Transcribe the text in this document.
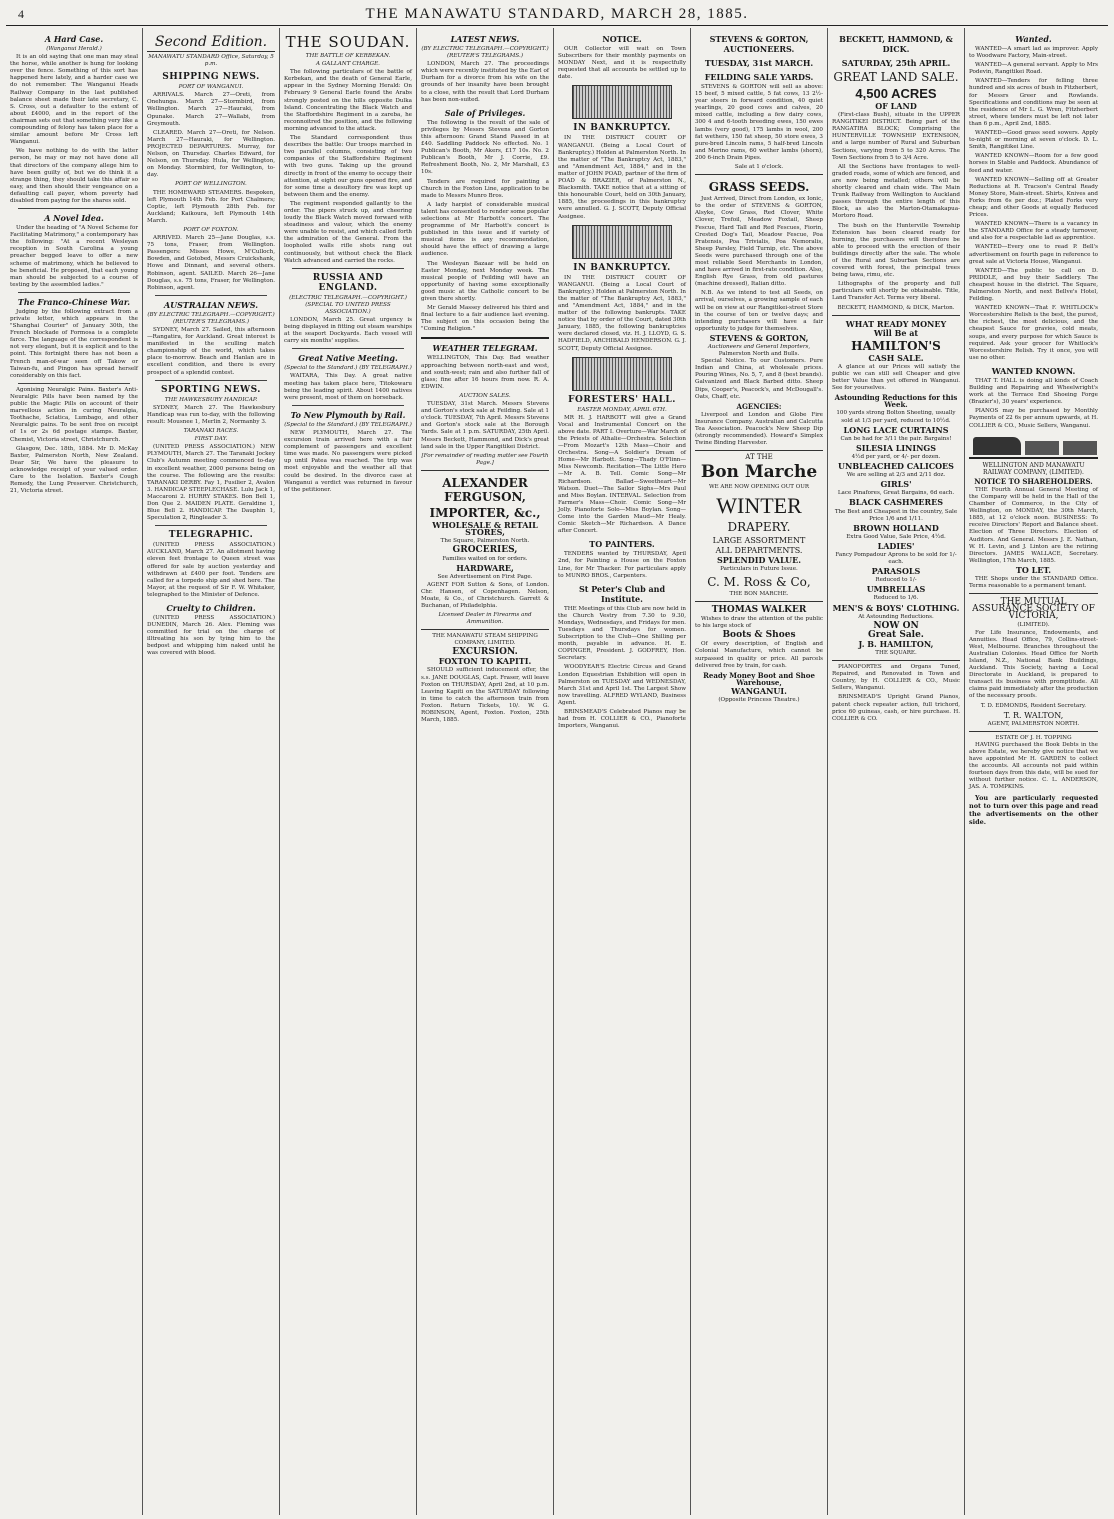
4	THE MANAWATU STANDARD, MARCH 28, 1885.
A Hard Case.
(Wanganui Herald.)

It is an old saying that one man may steal the horse, while another is hung for looking over the fence. Something of this sort has happened here lately, and a harder case we do not remember. The Wanganui Heads Railway Company in the last published balance sheet made their late secretary, C. S. Cross, out a defaulter to the extent of about £4000, and in the report of the chairman sets out that something very like a compounding of felony has taken place for a similar amount before Mr Cross left Wanganui.

We have nothing to do with the latter person, he may or may not have done all that directors of the company allege him to have been guilty of, but we do think it a strange thing, they should take this affair so easy, and then should their vengeance on a defaulting call payer, whom poverty had disabled from paying for the shares sold.

A Novel Idea.

Under the heading of "A Novel Scheme for Facilitating Matrimony," a contemporary has the following: "At a recent Wesleyan reception in South Carolina a young preacher begged leave to offer a new scheme of matrimony, which he believed to be beneficial. He proposed, that each young man should be subjected to a course of testing by the assembled ladies."

The Franco-Chinese War.

Judging by the following extract from a private letter, which appears in the "Shanghai Courier" of January 30th, the French blockade of Formosa is a complete farce. The language of the correspondent is not very elegant, but it is explicit and to the point. This fortnight there has not been a French man-of-war seen off Takow or Taiwan-fu, and Pingon has spread herself considerably on this fact.

Agonising Neuralgic Pains. Baxter's Anti-Neuralgic Pills have been named by the public the Magic Pills on account of their marvellous action in curing Neuralgia, Toothache, Sciatica, Lumbago, and other Neuralgic pains. To be sent free on receipt of 1s or 2s 6d postage stamps. Baxter, Chemist, Victoria street, Christchurch.

Glasgow, Dec. 18th, 1884. Mr D. McKay Baxter, Palmerston North, New Zealand. Dear Sir, We have the pleasure to acknowledge receipt of your valued order. Care to the Isolation. Baxter's Cough Remedy, the Lung Preserver. Christchurch, 21, Victoria street.

Second Edition.
MANAWATU STANDARD Office, Saturday, 5 p.m.
SHIPPING NEWS.
PORT OF WANGANUI.

ARRIVALS. March 27—Oreti, from Onehunga. March 27—Stormbird, from Wellington. March 27—Hauraki, from Opunake. March 27—Wallabi, from Greymouth.

CLEARED. March 27—Oreti, for Nelson. March 27—Hauraki, for Wellington. PROJECTED DEPARTURES. Murray, for Nelson, on Thursday. Charles Edward, for Nelson, on Thursday. Hula, for Wellington, on Monday. Stormbird, for Wellington, to-day.

PORT OF WELLINGTON.

THE HOMEWARD STEAMERS. Bespoken, left Plymouth 14th Feb. for Port Chalmers; Coptic, left Plymouth 28th Feb. for Auckland; Kaikoura, left Plymouth 14th March.

PORT OF FOXTON.

ARRIVED. March 25—Jane Douglas, s.s. 75 tons, Fraser, from Wellington. Passengers: Misses Howe, M'Culloch, Bowden, and Gotobed, Messrs Cruickshank, Howe and Dinnant, and several others. Robinson, agent. SAILED. March 26—Jane Douglas, s.s. 75 tons, Fraser, for Wellington. Robinson, agent.

AUSTRALIAN NEWS.
(BY ELECTRIC TELEGRAPH.—COPYRIGHT.) (REUTER'S TELEGRAMS.)

SYDNEY, March 27. Sailed, this afternoon—Rangatira, for Auckland. Great interest is manifested in the sculling match championship of the world, which takes place to-morrow. Beach and Hanlan are in excellent condition, and there is every prospect of a splendid contest.

SPORTING NEWS.
THE HAWKESBURY HANDICAP.

SYDNEY, March 27. The Hawkesbury Handicap was run to-day, with the following result: Mousnee 1, Merlin 2, Normanby 3.

TARANAKI RACES.
FIRST DAY.

(UNITED PRESS ASSOCIATION.) NEW PLYMOUTH, March 27. The Taranaki Jockey Club's Autumn meeting commenced to-day in excellent weather, 2000 persons being on the course. The following are the results: TARANAKI DERBY. Fay 1, Fusilier 2, Avalon 3. HANDICAP STEEPLECHASE. Lulu Jack 1, Maccaroni 2. HURRY STAKES. Bon Bell 1, Don Que 2. MAIDEN PLATE. Geraldine 1, Blue Bell 2. HANDICAP. The Dauphin 1, Speculation 2, Ringleader 3.

TELEGRAPHIC.

(UNITED PRESS ASSOCIATION.) AUCKLAND, March 27. An allotment having eleven feet frontage to Queen street was offered for sale by auction yesterday and withdrawn at £400 per foot. Tenders are called for a torpedo ship and shed here. The Mayor, at the request of Sir F. W. Whitaker, telegraphed to the Minister of Defence.

Cruelty to Children.

(UNITED PRESS ASSOCIATION.) DUNEDIN, March 26. Alex. Fleming was committed for trial on the charge of illtreating his son by tying him to the bedpost and whipping him naked until he was covered with blood.

THE SOUDAN.
THE BATTLE OF KERBEKAN.
A GALLANT CHARGE.

The following particulars of the battle of Kerbekan, and the death of General Earle, appear in the Sydney Morning Herald: On February 9 General Earle found the Arabs strongly posted on the hills opposite Dulka Island. Concentrating the Black Watch and the Staffordshire Regiment in a zareba, he reconnoitred the position, and the following morning advanced to the attack.

The Standard correspondent thus describes the battle: Our troops marched in two parallel columns, consisting of two companies of the Staffordshire Regiment with two guns. Taking up the ground directly in front of the enemy to occupy their attention, at eight our guns opened fire, and for some time a desultory fire was kept up between them and the enemy.

The regiment responded gallantly to the order. The pipers struck up, and cheering loudly the Black Watch moved forward with steadiness and valour, which the enemy were unable to resist, and which called forth the admiration of the General. From the loopholed walls rifle shots rang out continuously, but without check the Black Watch advanced and carried the rocks.

RUSSIA AND ENGLAND.
(ELECTRIC TELEGRAPH.—COPYRIGHT.) (SPECIAL TO UNITED PRESS ASSOCIATION.)

LONDON, March 25. Great urgency is being displayed in fitting out steam warships at the seaport Dockyards. Each vessel will carry six months' supplies.

Great Native Meeting.
(Special to the Standard.) (BY TELEGRAPH.)

WAITARA, This Day. A great native meeting has taken place here, Titokowaru being the leading spirit. About 1400 natives were present, most of them on horseback.

To New Plymouth by Rail.
(Special to the Standard.) (BY TELEGRAPH.)

NEW PLYMOUTH, March 27. The excursion train arrived here with a fair complement of passengers and excellent time was made. No passengers were picked up until Patea was reached. The trip was most enjoyable and the weather all that could be desired. In the divorce case at Wanganui a verdict was returned in favour of the petitioner.

LATEST NEWS.
(BY ELECTRIC TELEGRAPH.—COPYRIGHT.) (REUTER'S TELEGRAMS.)

LONDON, March 27. The proceedings which were recently instituted by the Earl of Durham for a divorce from his wife on the grounds of her insanity have been brought to a close, with the result that Lord Durham has been non-suited.

Sale of Privileges.

The following is the result of the sale of privileges by Messrs Stevens and Gorton this afternoon: Grand Stand Passed in at £40. Saddling Paddock No effected. No. 1 Publican's Booth, Mr Akers, £17 10s. No. 2 Publican's Booth, Mr J. Corrie, £9. Refreshment Booth, No. 2, Mr Marshall, £3 10s.

Tenders are required for painting a Church in the Foxton Line, application to be made to Messrs Munro Bros.

A lady harpist of considerable musical talent has consented to render some popular selections at Mr Harbott's concert. The programme of Mr Harbott's concert is published in this issue and if variety of musical items is any recommendation, should have the effect of drawing a large audience.

The Wesleyan Bazaar will be held on Easter Monday, next Monday week. The musical people of Feilding will have an opportunity of having some exceptionally good music at the Catholic concert to be given there shortly.

Mr Gerald Massey delivered his third and final lecture to a fair audience last evening. The subject on this occasion being the "Coming Religion."

WEATHER TELEGRAM.

WELLINGTON, This Day. Bad weather approaching between north-east and west, and south-west; rain and also further fall of glass; fine after 16 hours from now. R. A. EDWIN.

AUCTION SALES.

TUESDAY, 31st March. Messrs Stevens and Gorton's stock sale at Feilding. Sale at 1 o'clock. TUESDAY, 7th April. Messrs Stevens and Gorton's stock sale at the Borough Yards. Sale at 1 p.m. SATURDAY, 25th April. Messrs Beckett, Hammond, and Dick's great land sale in the Upper Rangitikei District.

[For remainder of reading matter see Fourth Page.]
ALEXANDER FERGUSON,
IMPORTER, &c.,
WHOLESALE & RETAIL STORES,
The Square, Palmerston North.
GROCERIES,
Families waited on for orders.
HARDWARE,
See Advertisement on First Page.

AGENT FOR Sutton & Sons, of London. Chr. Hansen, of Copenhagen. Nelson, Moate, & Co., of Christchurch. Garrett & Buchanan, of Philadelphia.

Licensed Dealer in Firearms and Ammunition.
THE MANAWATU STEAM SHIPPING COMPANY, LIMITED.
EXCURSION.
FOXTON TO KAPITI.

SHOULD sufficient inducement offer, the s.s. JANE DOUGLAS, Capt. Fraser, will leave Foxton on THURSDAY, April 2nd, at 10 p.m. Leaving Kapiti on the SATURDAY following in time to catch the afternoon train from Foxton. Return Tickets, 10/. W. G. ROBINSON, Agent, Foxton. Foxton, 25th March, 1885.

NOTICE.

OUR Collector will wait on Town Subscribers for their monthly payments on MONDAY Next, and it is respectfully requested that all accounts be settled up to date.

IN BANKRUPTCY.

IN THE DISTRICT COURT OF WANGANUI. (Being a Local Court of Bankruptcy.) Holden at Palmerston North. In the matter of "The Bankruptcy Act, 1883," and "Amendment Act, 1884," and in the matter of JOHN POAD, partner of the firm of POAD & BRAZIER, of Palmerston N., Blacksmith. TAKE notice that at a sitting of this honourable Court, held on 30th January, 1885, the proceedings in this bankruptcy were annulled. G. J. SCOTT, Deputy Official Assignee.

IN BANKRUPTCY.

IN THE DISTRICT COURT OF WANGANUI. (Being a Local Court of Bankruptcy.) Holden at Palmerston North. In the matter of "The Bankruptcy Act, 1883," and "Amendment Act, 1884," and in the matter of the following bankrupts. TAKE notice that by order of the Court, dated 30th January, 1885, the following bankruptcies were declared closed, viz. H. J. LLOYD, G. S. HADFIELD, ARCHIBALD HENDERSON. G. J. SCOTT, Deputy Official Assignee.

FORESTERS' HALL.
EASTER MONDAY, APRIL 6TH.

MR H. J. HARBOTT will give a Grand Vocal and Instrumental Concert on the above date. PART I. Overture—War March of the Priests of Athalie—Orchestra. Selection—From Mozart's 12th Mass—Choir and Orchestra. Song—A Soldier's Dream of Home—Mr Harbott. Song—Thady O'Flinn—Miss Newcomb. Recitation—The Little Hero—Mr A. B. Tell. Comic Song—Mr Richardson. Ballad—Sweetheart—Mr Watson. Duet—The Sailor Sighs—Mrs Paul and Miss Boylan. INTERVAL. Selection from Farmer's Mass—Choir. Comic Song—Mr Jolly. Pianoforte Solo—Miss Boylan. Song—Come into the Garden Maud—Mr Healy. Comic Sketch—Mr Richardson. A Dance after Concert.

TO PAINTERS.

TENDERS wanted by THURSDAY, April 2nd, for Painting a House on the Foxton Line, for Mr Thacker. For particulars apply to MUNRO BROS., Carpenters.

St Peter's Club and Institute.

THE Meetings of this Club are now held in the Church Vestry from 7.30 to 9.30, Mondays, Wednesdays, and Fridays for men. Tuesdays and Thursdays for women. Subscription to the Club—One Shilling per month, payable in advance. H. E. COPINGER, President. J. GODFREY, Hon. Secretary.

WOODYEAR'S Electric Circus and Grand London Equestrian Exhibition will open in Palmerston on TUESDAY and WEDNESDAY, March 31st and April 1st. The Largest Show now travelling. ALFRED WYLAND, Business Agent.

BRINSMEAD'S Celebrated Pianos may be had from H. COLLIER & CO., Pianoforte Importers, Wanganui.

STEVENS & GORTON, AUCTIONEERS.
TUESDAY, 31st MARCH.
FEILDING SALE YARDS.

STEVENS & GORTON will sell as above: 15 beef, 5 mixed cattle, 5 fat cows, 13 2½-year steers in forward condition, 40 quiet yearlings, 20 good cows and calves, 20 mixed cattle, including a few dairy cows, 300 4 and 6-tooth breeding ewes, 150 ewes lambs (very good), 175 lambs in wool, 200 fat wethers, 150 fat sheep, 50 store ewes, 3 pure-bred Lincoln rams, 5 half-bred Lincoln and Merino rams, 60 wether lambs (shorn), 200 6-inch Drain Pipes.

Sale at 1 o'clock.
GRASS SEEDS.

Just Arrived, Direct from London, ex Ionic, to the order of STEVENS & GORTON, Alsyke, Cow Grass, Red Clover, White Clover, Trefoil, Meadow Foxtail, Sheep Fescue, Hard Tall and Red Fescues, Fiorin, Crested Dog's Tail, Meadow Fescue, Poa Pratensis, Poa Trivialis, Poa Nemoralis, Sheep Parsley, Field Turnip, etc. The above Seeds were purchased through one of the most reliable Seed Merchants in London, and have arrived in first-rate condition. Also, English Rye Grass, from old pastures (machine dressed), Italian ditto.

N.B. As we intend to test all Seeds, on arrival, ourselves, a growing sample of each will be on view at our Rangitikei-street Store in the course of ten or twelve days; and intending purchasers will have a fair opportunity to judge for themselves.

STEVENS & GORTON,
Auctioneers and General Importers,
Palmerston North and Bulls.

Special Notice. To our Customers. Pure Indian and China, at wholesale prices. Pouring Wines, No. 5, 7, and 8 (best brands). Galvanized and Black Barbed ditto. Sheep Dips, Cooper's, Peacock's, and McDougall's. Oats, Chaff, etc.

AGENCIES:

Liverpool and London and Globe Fire Insurance Company. Australian and Calcutta Tea Association. Peacock's New Sheep Dip (strongly recommended). Howard's Simplex Twine Binding Harvester.

AT THE
Bon Marche
WE ARE NOW OPENING OUT OUR
WINTER
DRAPERY.
LARGE ASSORTMENT
ALL DEPARTMENTS.
SPLENDID VALUE.
Particulars in Future Issue.
C. M. Ross & Co,
THE BON MARCHE.
THOMAS WALKER

Wishes to draw the attention of the public to his large stock of

Boots & Shoes

Of every description, of English and Colonial Manufacture, which cannot be surpassed in quality or price. All parcels delivered free by train, for cash.

Ready Money Boot and Shoe Warehouse,
WANGANUI.
(Opposite Princess Theatre.)
BECKETT, HAMMOND, & DICK.
SATURDAY, 25th APRIL.
GREAT LAND SALE.
4,500 ACRES
OF LAND

(First-class Bush), situate in the UPPER RANGITIKEI DISTRICT. Being part of the RANGATIRA BLOCK; Comprising the HUNTERVILLE TOWNSHIP EXTENSION, and a large number of Rural and Suburban Sections, varying from 5 to 320 Acres. The Town Sections from 5 to 3/4 Acre.

All the Sections have frontages to well-graded roads, some of which are fenced, and are now being metalled; others will be shortly cleared and chain wide. The Main Trunk Railway from Wellington to Auckland passes through the entire length of this Block, as also the Marton-Otamakapua-Mortoro Road.

The bush on the Hunterville Township Extension has been cleared ready for burning, the purchasers will therefore be able to proceed with the erection of their buildings directly after the sale. The whole of the Rural and Suburban Sections are covered with forest, the principal trees being tawa, rimu, etc.

Lithographs of the property and full particulars will shortly be obtainable. Title, Land Transfer Act. Terms very liberal.

BECKETT, HAMMOND, & DICK, Marton.
WHAT READY MONEY
Will Be at
HAMILTON'S
CASH SALE.

A glance at our Prices will satisfy the public we can still sell Cheaper and give better Value than yet offered in Wanganui. See for yourselves.

Astounding Reductions for this Week.
100 yards strong Bolton Sheeting, usually sold at 1/3 per yard, reduced to 10½d.
LONG LACE CURTAINS
Can be had for 3/11 the pair. Bargains!
SILESIA LININGS
4½d per yard, or 4/- per dozen.
UNBLEACHED CALICOES
We are selling at 2/3 and 2/11 doz.
GIRLS'
Lace Pinafores, Great Bargains, 6d each.
BLACK CASHMERES
The Best and Cheapest in the country, Sale Price 1/6 and 1/11.
BROWN HOLLAND
Extra Good Value, Sale Price, 4½d.
LADIES'
Fancy Pompadour Aprons to be sold for 1/- each.
PARASOLS
Reduced to 1/-
UMBRELLAS
Reduced to 1/6.
MEN'S & BOYS' CLOTHING.
At Astounding Reductions.
NOW ON
Great Sale.
J. B. HAMILTON,
THE SQUARE.

PIANOFORTES and Organs Tuned, Repaired, and Renovated in Town and Country, by H. COLLIER & CO., Music Sellers, Wanganui.

BRINSMEAD'S Upright Grand Pianos, patent check repeater action, full trichord, price 60 guineas, cash, or hire purchase. H. COLLIER & CO.

Wanted.

WANTED—A smart lad as improver. Apply to Woodware Factory, Main-street.

WANTED—A general servant. Apply to Mrs Podevin, Rangitikei Road.

WANTED—Tenders for felling three hundred and six acres of bush in Fitzherbert, for Messrs Greer and Rowlands. Specifications and conditions may be seen at the residence of Mr L. G. Wren, Fitzherbert street, where tenders must be left not later than 6 p.m., April 2nd, 1885.

WANTED—Good grass seed sowers. Apply to-night or morning at seven o'clock. D. L. Smith, Rangitikei Line.

WANTED KNOWN—Room for a few good horses in Stable and Paddock. Abundance of feed and water.

WANTED KNOWN—Selling off at Greater Reductions at R. Tracson's Central Ready Money Store, Main-street. Shirts, Knives and Forks from 6s per doz.; Plated Forks very cheap; and other Goods at equally Reduced Prices.

WANTED KNOWN—There is a vacancy in the STANDARD Office for a steady turnover, and also for a respectable lad as apprentice.

WANTED—Every one to read P. Bell's advertisement on fourth page in reference to great sale at Victoria House, Wanganui.

WANTED—The public to call on D. PRIDDLE, and buy their Saddlery. The cheapest house in the district. The Square, Palmerston North, and next Bellve's Hotel, Feilding.

WANTED KNOWN—That F. WHITLOCK's Worcestershire Relish is the best, the purest, the richest, the most delicious, and the cheapest Sauce for gravies, cold meats, soups, and every purpose for which Sauce is required. Ask your grocer for Whitlock's Worcestershire Relish. Try it once, you will use no other.

WANTED KNOWN.

THAT T. HALL is doing all kinds of Coach Building and Repairing and Wheelwright's work at the Terrace End Shoeing Forge (Brazier's), 30 years' experience.

PIANOS may be purchased by Monthly Payments of 22 6s per annum upwards, at H. COLLIER & CO., Music Sellers, Wanganui.

WELLINGTON AND MANAWATU RAILWAY COMPANY, (LIMITED).
NOTICE TO SHAREHOLDERS.

THE Fourth Annual General Meeting of the Company will be held in the Hall of the Chamber of Commerce, in the City of Wellington, on MONDAY, the 30th March, 1885, at 12 o'clock noon. BUSINESS: To receive Directors' Report and Balance sheet. Election of Three Directors. Election of Auditors. And General. Messrs J. E. Nathan, W. H. Levin, and J. Linton are the retiring Directors. JAMES WALLACE, Secretary. Wellington, 17th March, 1885.

TO LET.

THE Shops under the STANDARD Office. Terms reasonable to a permanent tenant.

THE MUTUAL ASSURANCE SOCIETY OF VICTORIA,
(LIMITED).

For Life Insurance, Endowments, and Annuities. Head Office, 79, Collins-street-West, Melbourne. Branches throughout the Australian Colonies. Head Office for North Island, N.Z., National Bank Buildings, Auckland. This Society, having a Local Directorate in Auckland, is prepared to transact its business with promptitude. All claims paid immediately after the production of the necessary proofs.

T. D. EDMONDS, Resident Secretary.
T. R. WALTON,
AGENT, PALMERSTON NORTH.
ESTATE OF J. H. TOPPING

HAVING purchased the Book Debts in the above Estate, we hereby give notice that we have appointed Mr H. GARDEN to collect the accounts. All accounts not paid within fourteen days from this date, will be sued for without further notice. C. L. ANDERSON, JAS. A. TOMPKINS.

You are particularly requested not to turn over this page and read the advertisements on the other side.
